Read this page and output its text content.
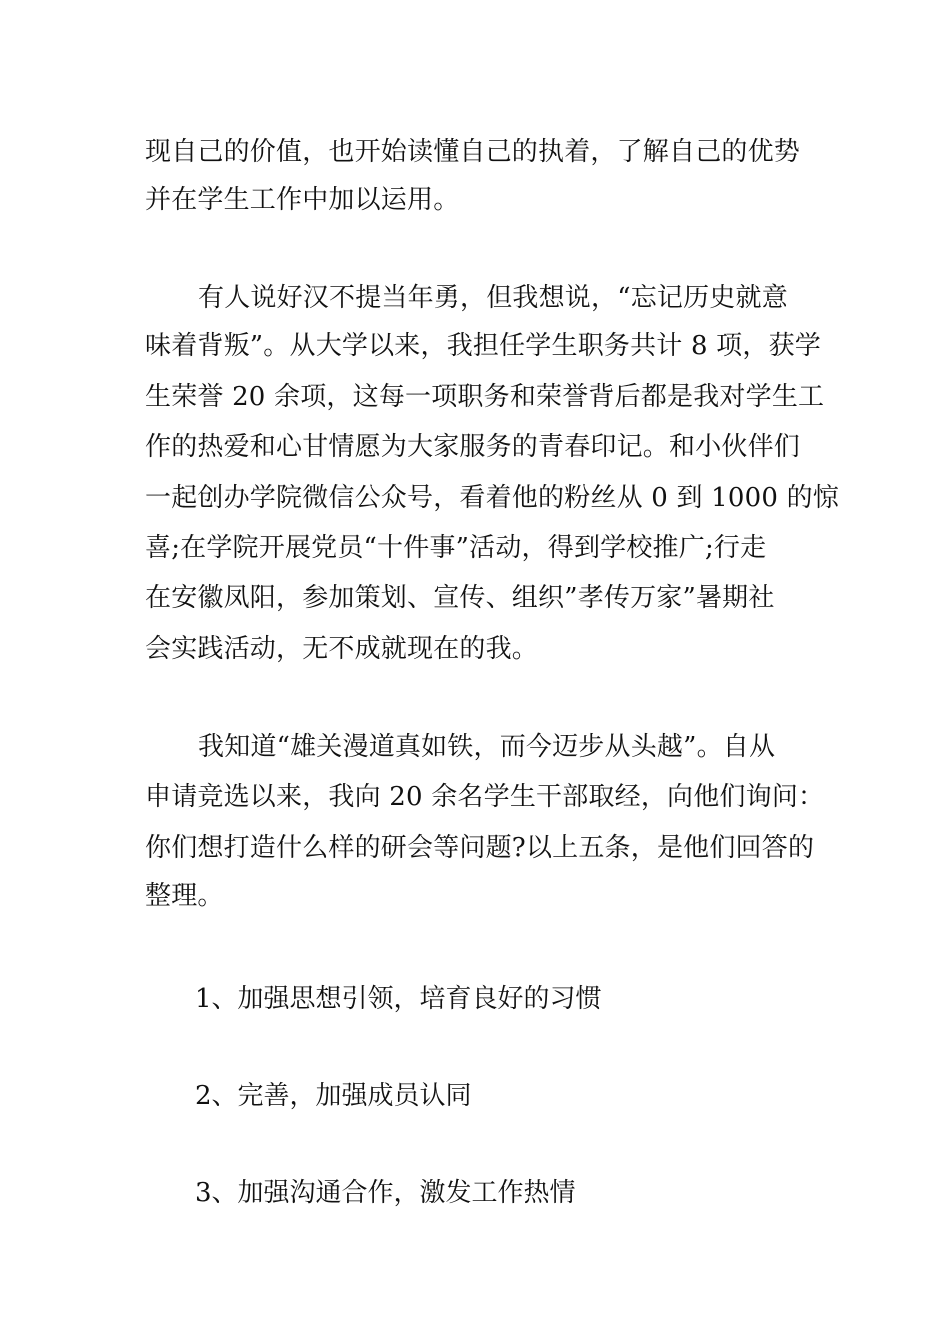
现自己的价值，也开始读懂自己的执着，了解自己的优势
并在学生工作中加以运用。
有人说好汉不提当年勇，但我想说，“忘记历史就意
味着背叛”。从大学以来，我担任学生职务共计 8 项，获学
生荣誉 20 余项，这每一项职务和荣誉背后都是我对学生工
作的热爱和心甘情愿为大家服务的青春印记。和小伙伴们
一起创办学院微信公众号，看着他的粉丝从 0 到 1000 的惊
喜;在学院开展党员“十件事”活动，得到学校推广;行走
在安徽凤阳，参加策划、宣传、组织”孝传万家”暑期社
会实践活动，无不成就现在的我。
我知道“雄关漫道真如铁，而今迈步从头越”。自从
申请竞选以来，我向 20 余名学生干部取经，向他们询问：
你们想打造什么样的研会等问题?以上五条，是他们回答的
整理。
1、加强思想引领，培育良好的习惯
2、完善，加强成员认同
3、加强沟通合作，激发工作热情
